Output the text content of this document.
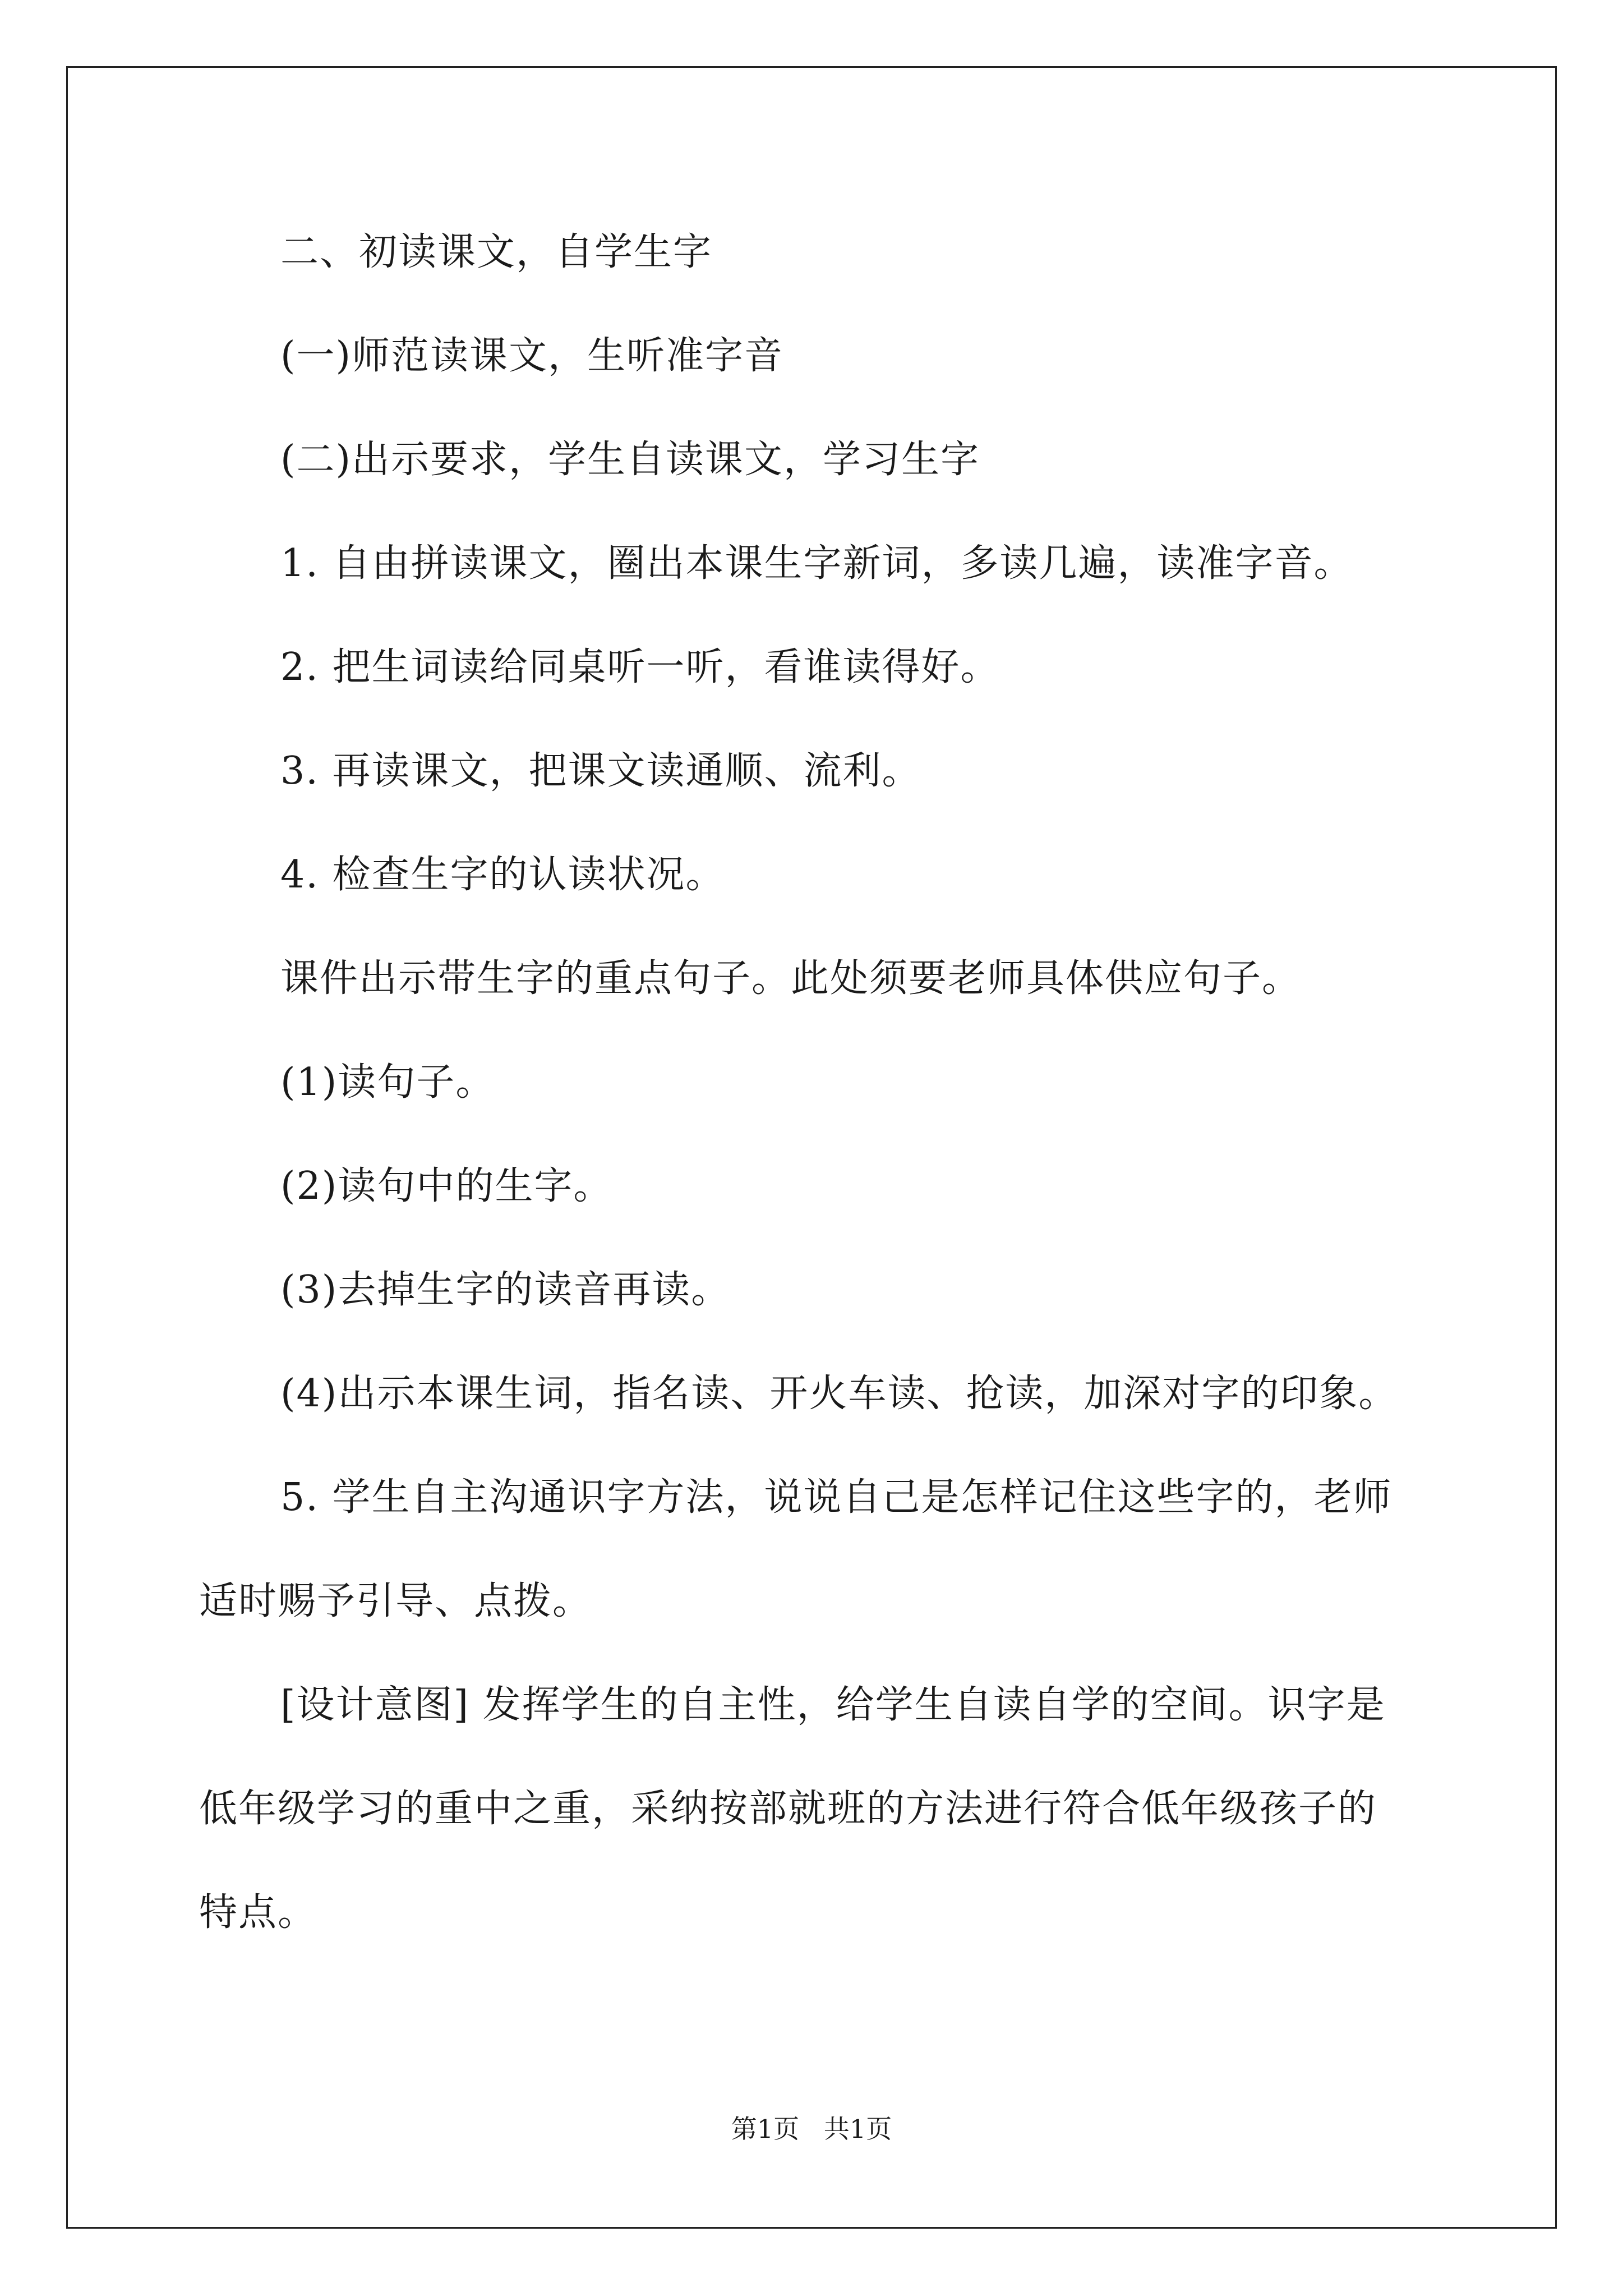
二、初读课文，自学生字
(一)师范读课文，生听准字音
(二)出示要求，学生自读课文，学习生字
1. 自由拼读课文，圈出本课生字新词，多读几遍，读准字音。
2. 把生词读给同桌听一听，看谁读得好。
3. 再读课文，把课文读通顺、流利。
4. 检查生字的认读状况。
课件出示带生字的重点句子。此处须要老师具体供应句子。
(1)读句子。
(2)读句中的生字。
(3)去掉生字的读音再读。
(4)出示本课生词，指名读、开火车读、抢读，加深对字的印象。
5. 学生自主沟通识字方法，说说自己是怎样记住这些字的，老师
适时赐予引导、点拨。
[设计意图] 发挥学生的自主性，给学生自读自学的空间。识字是
低年级学习的重中之重，采纳按部就班的方法进行符合低年级孩子的
特点。
第1页   共1页
